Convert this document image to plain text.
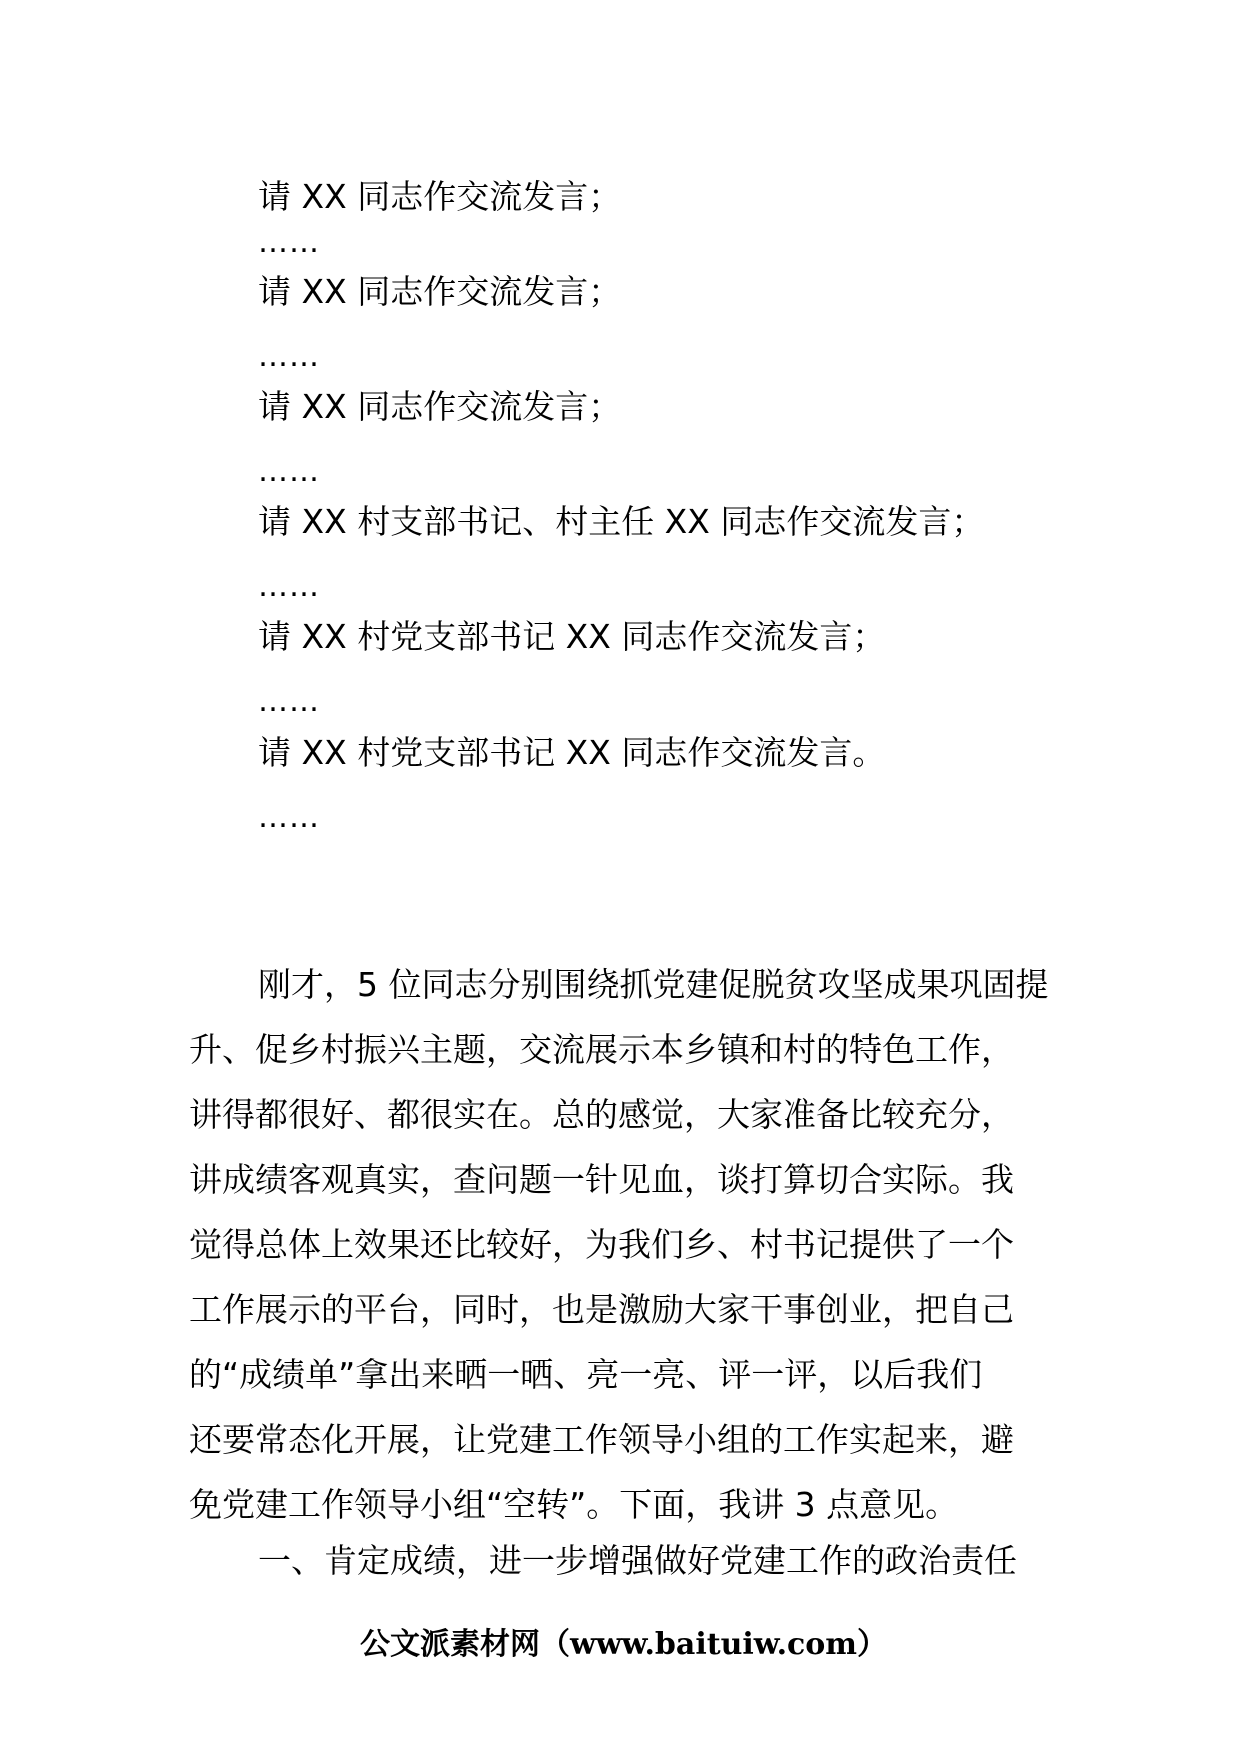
请 XX 同志作交流发言；
……
请 XX 同志作交流发言；
……
请 XX 同志作交流发言；
……
请 XX 村支部书记、村主任 XX 同志作交流发言；
……
请 XX 村党支部书记 XX 同志作交流发言；
……
请 XX 村党支部书记 XX 同志作交流发言。
……

刚才，5 位同志分别围绕抓党建促脱贫攻坚成果巩固提

升、促乡村振兴主题，交流展示本乡镇和村的特色工作，

讲得都很好、都很实在。总的感觉，大家准备比较充分，

讲成绩客观真实，查问题一针见血，谈打算切合实际。我

觉得总体上效果还比较好，为我们乡、村书记提供了一个

工作展示的平台，同时，也是激励大家干事创业，把自己

的“成绩单”拿出来晒一晒、亮一亮、评一评，以后我们

还要常态化开展，让党建工作领导小组的工作实起来，避

免党建工作领导小组“空转”。下面，我讲 3 点意见。

一、肯定成绩，进一步增强做好党建工作的政治责任
公文派素材网（www.baituiw.com）
